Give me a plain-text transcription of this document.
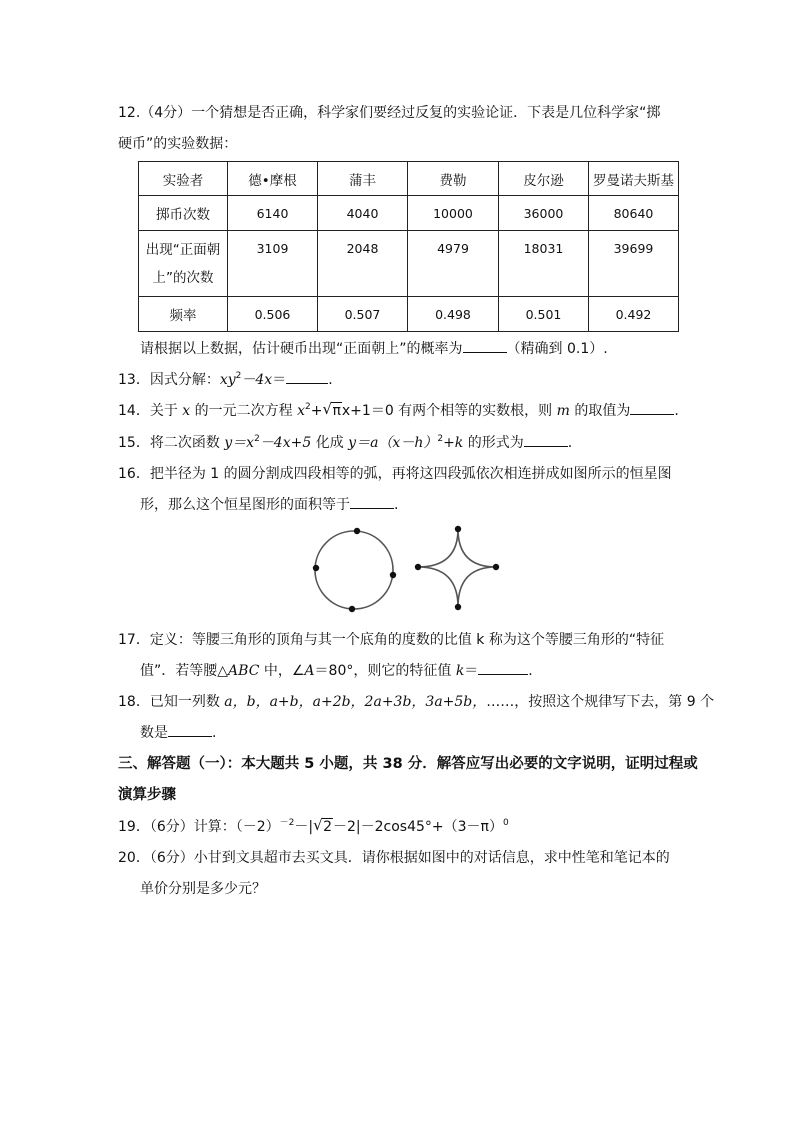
12.（4分）一个猜想是否正确，科学家们要经过反复的实验论证．下表是几位科学家“掷
硬币”的实验数据：
实验者	德•摩根	蒲丰	费勒	皮尔逊	罗曼诺夫斯基
掷币次数	6140	4040	10000	36000	80640

出现“正面朝
上”的次数	3109	2048	4979	18031	39699
频率	0.506	0.507	0.498	0.501	0.492
请根据以上数据，估计硬币出现“正面朝上”的概率为	（精确到 0.1）.
13．因式分解：$xy^2-4x=$	.
14．关于 x 的一元二次方程 $x^2+$ √ πx+1＝0 有两个相等的实数根，则 m 的取值为	.
15．将二次函数 $y=x^2-4x+5$ 化成 $y=a(x-h)^2+k$ 的形式为	.
16．把半径为 1 的圆分割成四段相等的弧，再将这四段弧依次相连拼成如图所示的恒星图
形，那么这个恒星图形的面积等于	.
17．定义：等腰三角形的顶角与其一个底角的度数的比值 k 称为这个等腰三角形的“特征
值”．若等腰△ABC 中，∠A＝80°，则它的特征值 k＝	.
18．已知一列数 a，b，a+b，a+2b，2a+3b，3a+5b，……，按照这个规律写下去，第 9 个
数是	.
三、解答题（一）：本大题共 5 小题，共 38 分．解答应写出必要的文字说明，证明过程或
演算步骤
19．（6分）计算：$(-2)^{-2}-|$ √ $2-2|-2\cos 45^\circ+(3-\pi)^0$
20．（6分）小甘到文具超市去买文具．请你根据如图中的对话信息，求中性笔和笔记本的
单价分别是多少元？
